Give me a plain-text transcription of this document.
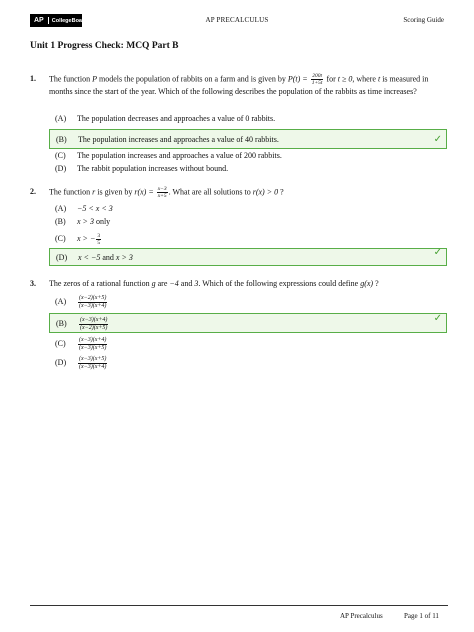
AP	CollegeBoard	AP PRECALCULUS	Scoring Guide
Unit 1 Progress Check: MCQ Part B
1. The function P models the population of rabbits on a farm and is given by $P(t) = \frac{200t}{1+5t}$ for t ≥ 0, where t is measured in months since the start of the year. Which of the following describes the population of the rabbits as time increases?
(A) The population decreases and approaches a value of 0 rabbits.
(B) The population increases and approaches a value of 40 rabbits.	✓
(C) The population increases and approaches a value of 200 rabbits.
(D) The rabbit population increases without bound.
2. The function r is given by $r(x) = \frac{x-3}{x+5}$ . What are all solutions to r(x) > 0 ?
(A) −5 < x < 3
(B) x > 3 only
(C) x > − $\frac{3}{5}$
(D) x < −5 and x > 3	✓
3. The zeros of a rational function g are −4 and 3. Which of the following expressions could define g(x) ?
$(A) \frac{(x-2)(x+5)}{(x-3)(x+4)}$
$(B) \frac{(x-3)(x+4)}{(x-2)(x+5)}$	✓
$(C) \frac{(x-3)(x+4)}{(x-3)(x+5)}$
$(D) \frac{(x-3)(x+5)}{(x-3)(x+4)}$
AP Precalculus	Page 1 of 11
